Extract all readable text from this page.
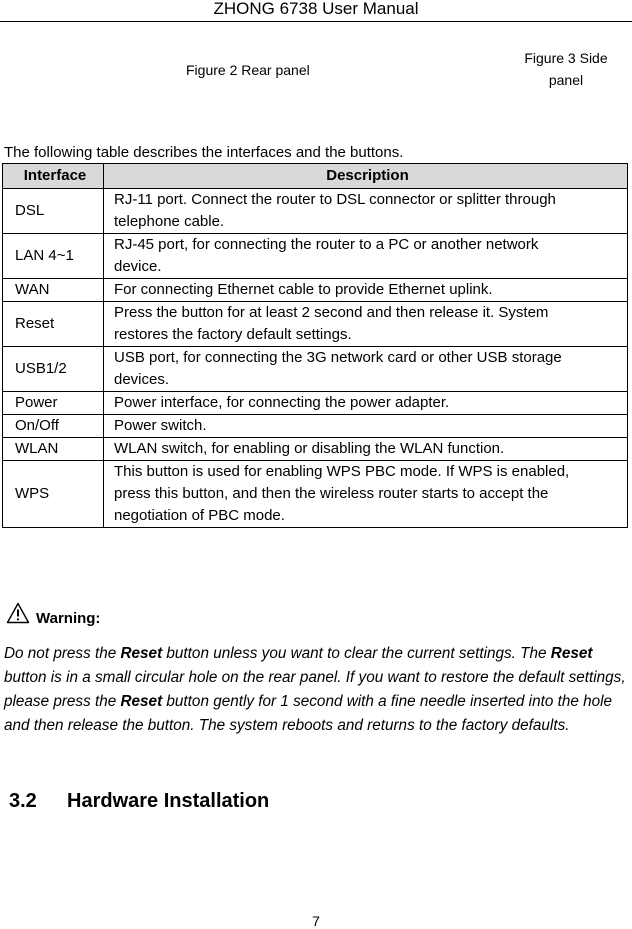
ZHONG 6738 User Manual
Figure 2 Rear panel
Figure 3 Side
panel
The following table describes the interfaces and the buttons.
Interface	Description
DSL	RJ-11 port. Connect the router to DSL connector or splitter through
telephone cable.

LAN 4~1	RJ-45 port, for connecting the router to a PC or another network
device.

WAN	For connecting Ethernet cable to provide Ethernet uplink.

Reset	Press the button for at least 2 second and then release it. System
restores the factory default settings.

USB1/2	USB port, for connecting the 3G network card or other USB storage
devices.

Power	Power interface, for connecting the power adapter.

On/Off	Power switch.

WLAN	WLAN switch, for enabling or disabling the WLAN function.

WPS	This button is used for enabling WPS PBC mode. If WPS is enabled,
press this button, and then the wireless router starts to accept the
negotiation of PBC mode.
Warning:
Do not press the Reset button unless you want to clear the current settings. The Reset button is in a small circular hole on the rear panel. If you want to restore the default settings, please press the Reset button gently for 1 second with a fine needle inserted into the hole and then release the button. The system reboots and returns to the factory defaults.
3.2 Hardware Installation
7
